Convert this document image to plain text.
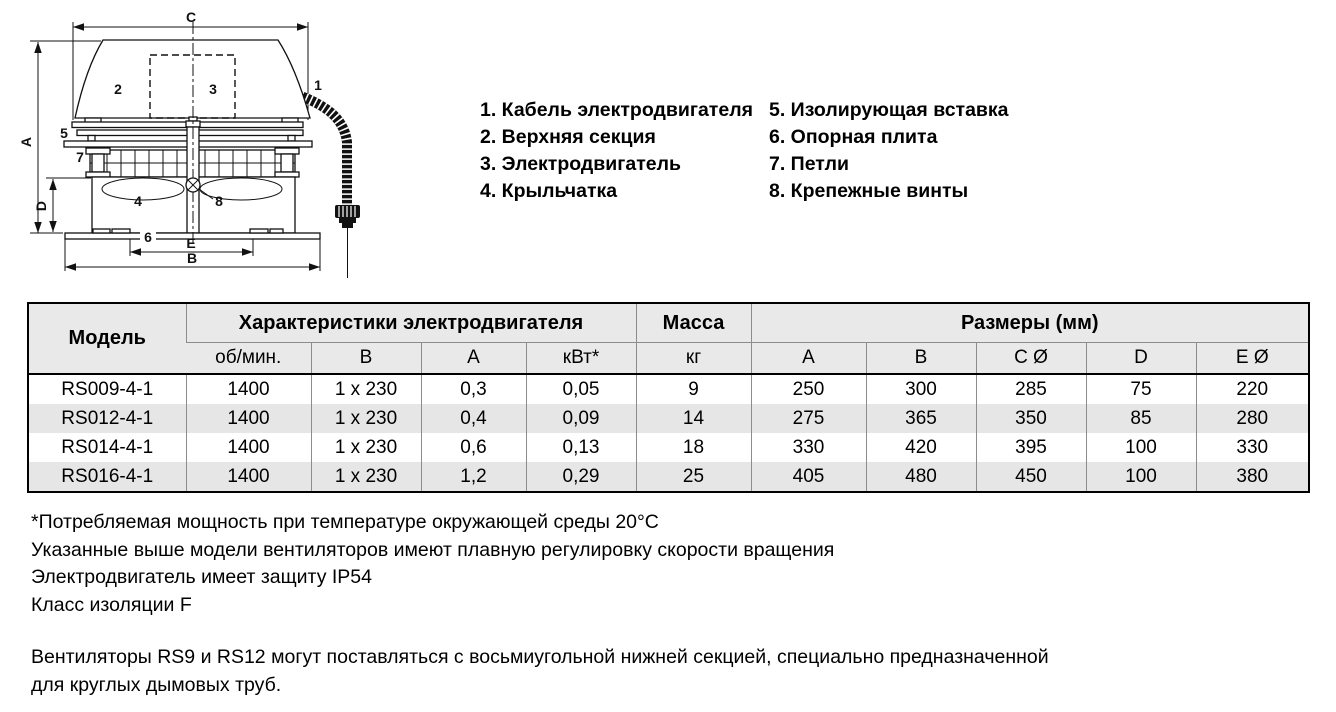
C
A
D
2	3	1
5
7
4
6
8
E
B
1. Кабель электродвигателя
2. Верхняя секция
3. Электродвигатель
4. Крыльчатка
5. Изолирующая вставка
6. Опорная плита
7. Петли
8. Крепежные винты
Модель	Характеристики электродвигателя				Масса	Размеры (мм)				
	об/мин.	В	А	кВт*	кг	A	B	C Ø	D	E Ø
RS009-4-1	1400	1 x 230	0,3	0,05	9	250	300	285	75	220
RS012-4-1	1400	1 x 230	0,4	0,09	14	275	365	350	85	280
RS014-4-1	1400	1 x 230	0,6	0,13	18	330	420	395	100	330
RS016-4-1	1400	1 x 230	1,2	0,29	25	405	480	450	100	380
*Потребляемая мощность при температуре окружающей среды 20°C
Указанные выше модели вентиляторов имеют плавную регулировку скорости вращения
Электродвигатель имеет защиту IP54
Класс изоляции F
Вентиляторы RS9 и RS12 могут поставляться с восьмиугольной нижней секцией, специально предназначенной
для круглых дымовых труб.
